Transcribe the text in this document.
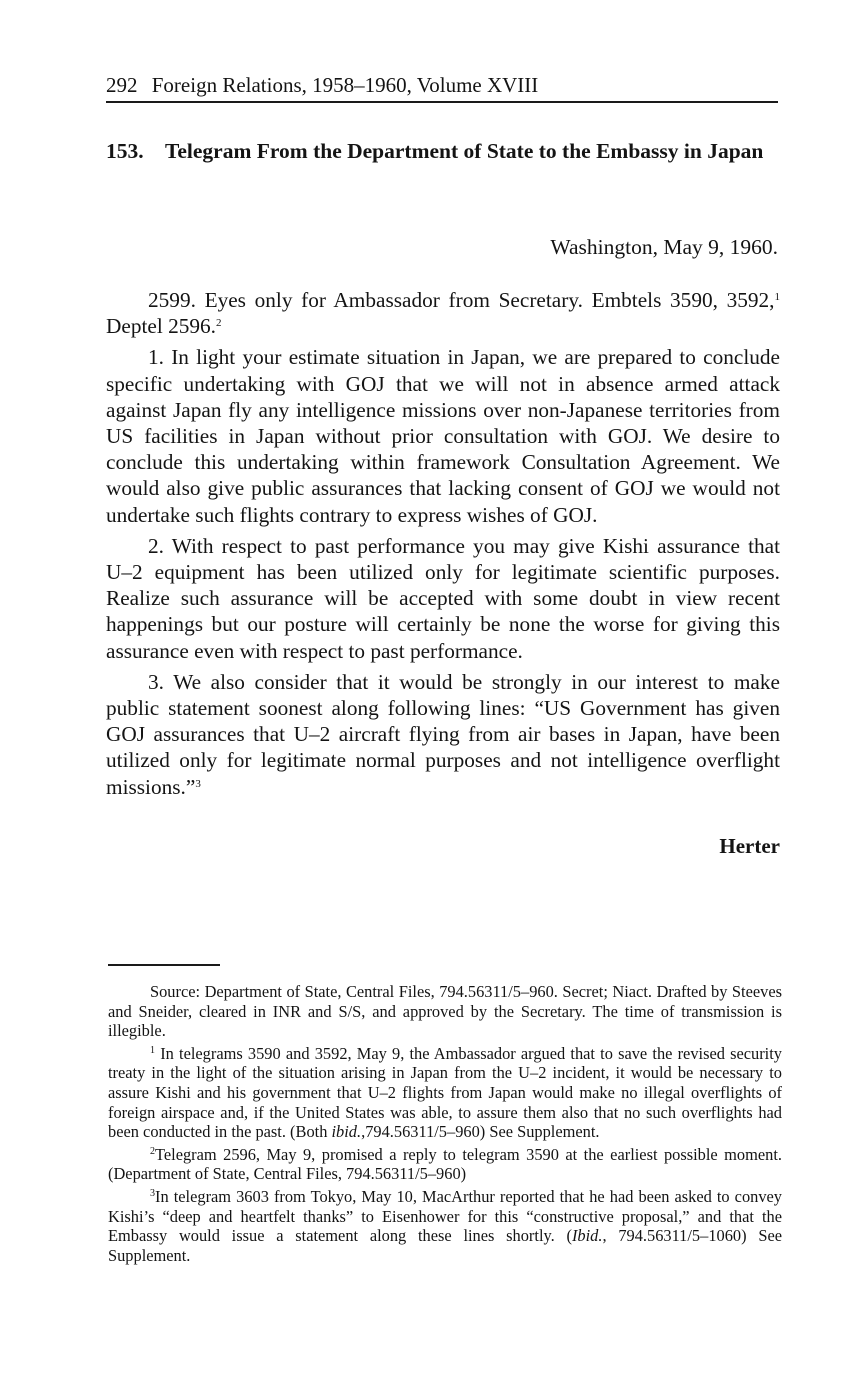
292 Foreign Relations, 1958–1960, Volume XVIII
153. Telegram From the Department of State to the Embassy in Japan
Washington, May 9, 1960.

2599. Eyes only for Ambassador from Secretary. Embtels 3590, 3592,$^1$ Deptel 2596.$^2$

1. In light your estimate situation in Japan, we are prepared to conclude specific undertaking with GOJ that we will not in absence armed attack against Japan fly any intelligence missions over non-Japanese territories from US facilities in Japan without prior consultation with GOJ. We desire to conclude this undertaking within framework Consultation Agreement. We would also give public assurances that lacking consent of GOJ we would not undertake such flights contrary to express wishes of GOJ.

2. With respect to past performance you may give Kishi assurance that U–2 equipment has been utilized only for legitimate scientific purposes. Realize such assurance will be accepted with some doubt in view recent happenings but our posture will certainly be none the worse for giving this assurance even with respect to past performance.

3. We also consider that it would be strongly in our interest to make public statement soonest along following lines: “US Government has given GOJ assurances that U–2 aircraft flying from air bases in Japan, have been utilized only for legitimate normal purposes and not intelligence overflight missions.”$^3$

Herter

Source: Department of State, Central Files, 794.56311/5–960. Secret; Niact. Drafted by Steeves and Sneider, cleared in INR and S/S, and approved by the Secretary. The time of transmission is illegible.

$^1$ In telegrams 3590 and 3592, May 9, the Ambassador argued that to save the revised security treaty in the light of the situation arising in Japan from the U–2 incident, it would be necessary to assure Kishi and his government that U–2 flights from Japan would make no illegal overflights of foreign airspace and, if the United States was able, to assure them also that no such overflights had been conducted in the past. (Both ibid.,794.56311/5–960) See Supplement.

$^2$Telegram 2596, May 9, promised a reply to telegram 3590 at the earliest possible moment. (Department of State, Central Files, 794.56311/5–960)

$^3$In telegram 3603 from Tokyo, May 10, MacArthur reported that he had been asked to convey Kishi’s “deep and heartfelt thanks” to Eisenhower for this “constructive proposal,” and that the Embassy would issue a statement along these lines shortly. (Ibid., 794.56311/5–1060) See Supplement.
